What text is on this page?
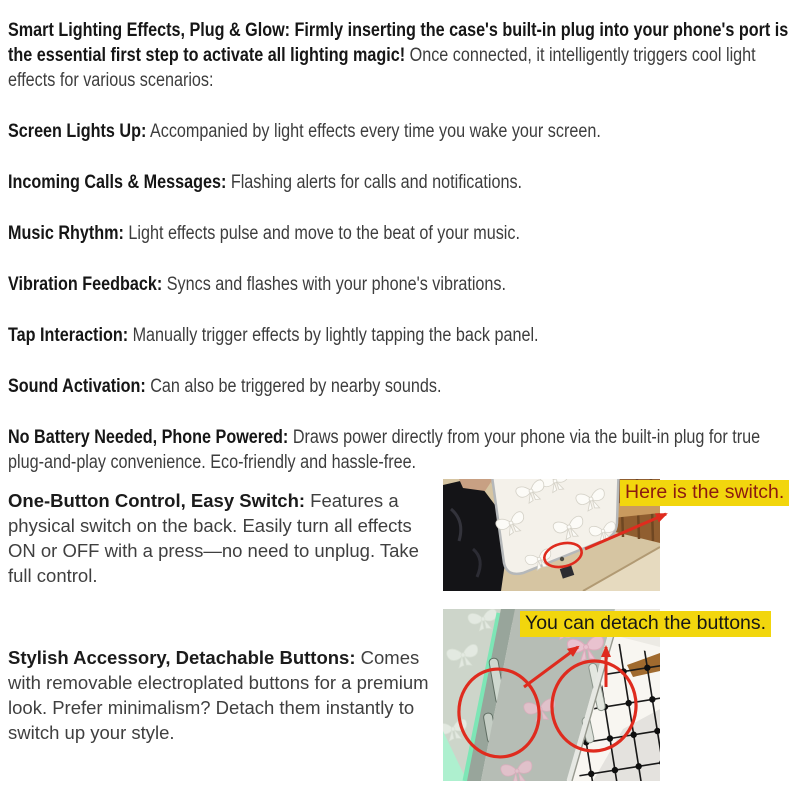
Smart Lighting Effects, Plug & Glow: Firmly inserting the case's built-in plug into your phone's port is the essential first step to activate all lighting magic! Once connected, it intelligently triggers cool light effects for various scenarios:

Screen Lights Up: Accompanied by light effects every time you wake your screen.

Incoming Calls & Messages: Flashing alerts for calls and notifications.

Music Rhythm: Light effects pulse and move to the beat of your music.

Vibration Feedback: Syncs and flashes with your phone's vibrations.

Tap Interaction: Manually trigger effects by lightly tapping the back panel.

Sound Activation: Can also be triggered by nearby sounds.

No Battery Needed, Phone Powered: Draws power directly from your phone via the built-in plug for true plug-and-play convenience. Eco-friendly and hassle-free.

One-Button Control, Easy Switch: Features a physical switch on the back. Easily turn all effects ON or OFF with a press—no need to unplug. Take full control.
Here is the switch.
Stylish Accessory, Detachable Buttons: Comes with removable electroplated buttons for a premium look. Prefer minimalism? Detach them instantly to switch up your style.
You can detach the buttons.
